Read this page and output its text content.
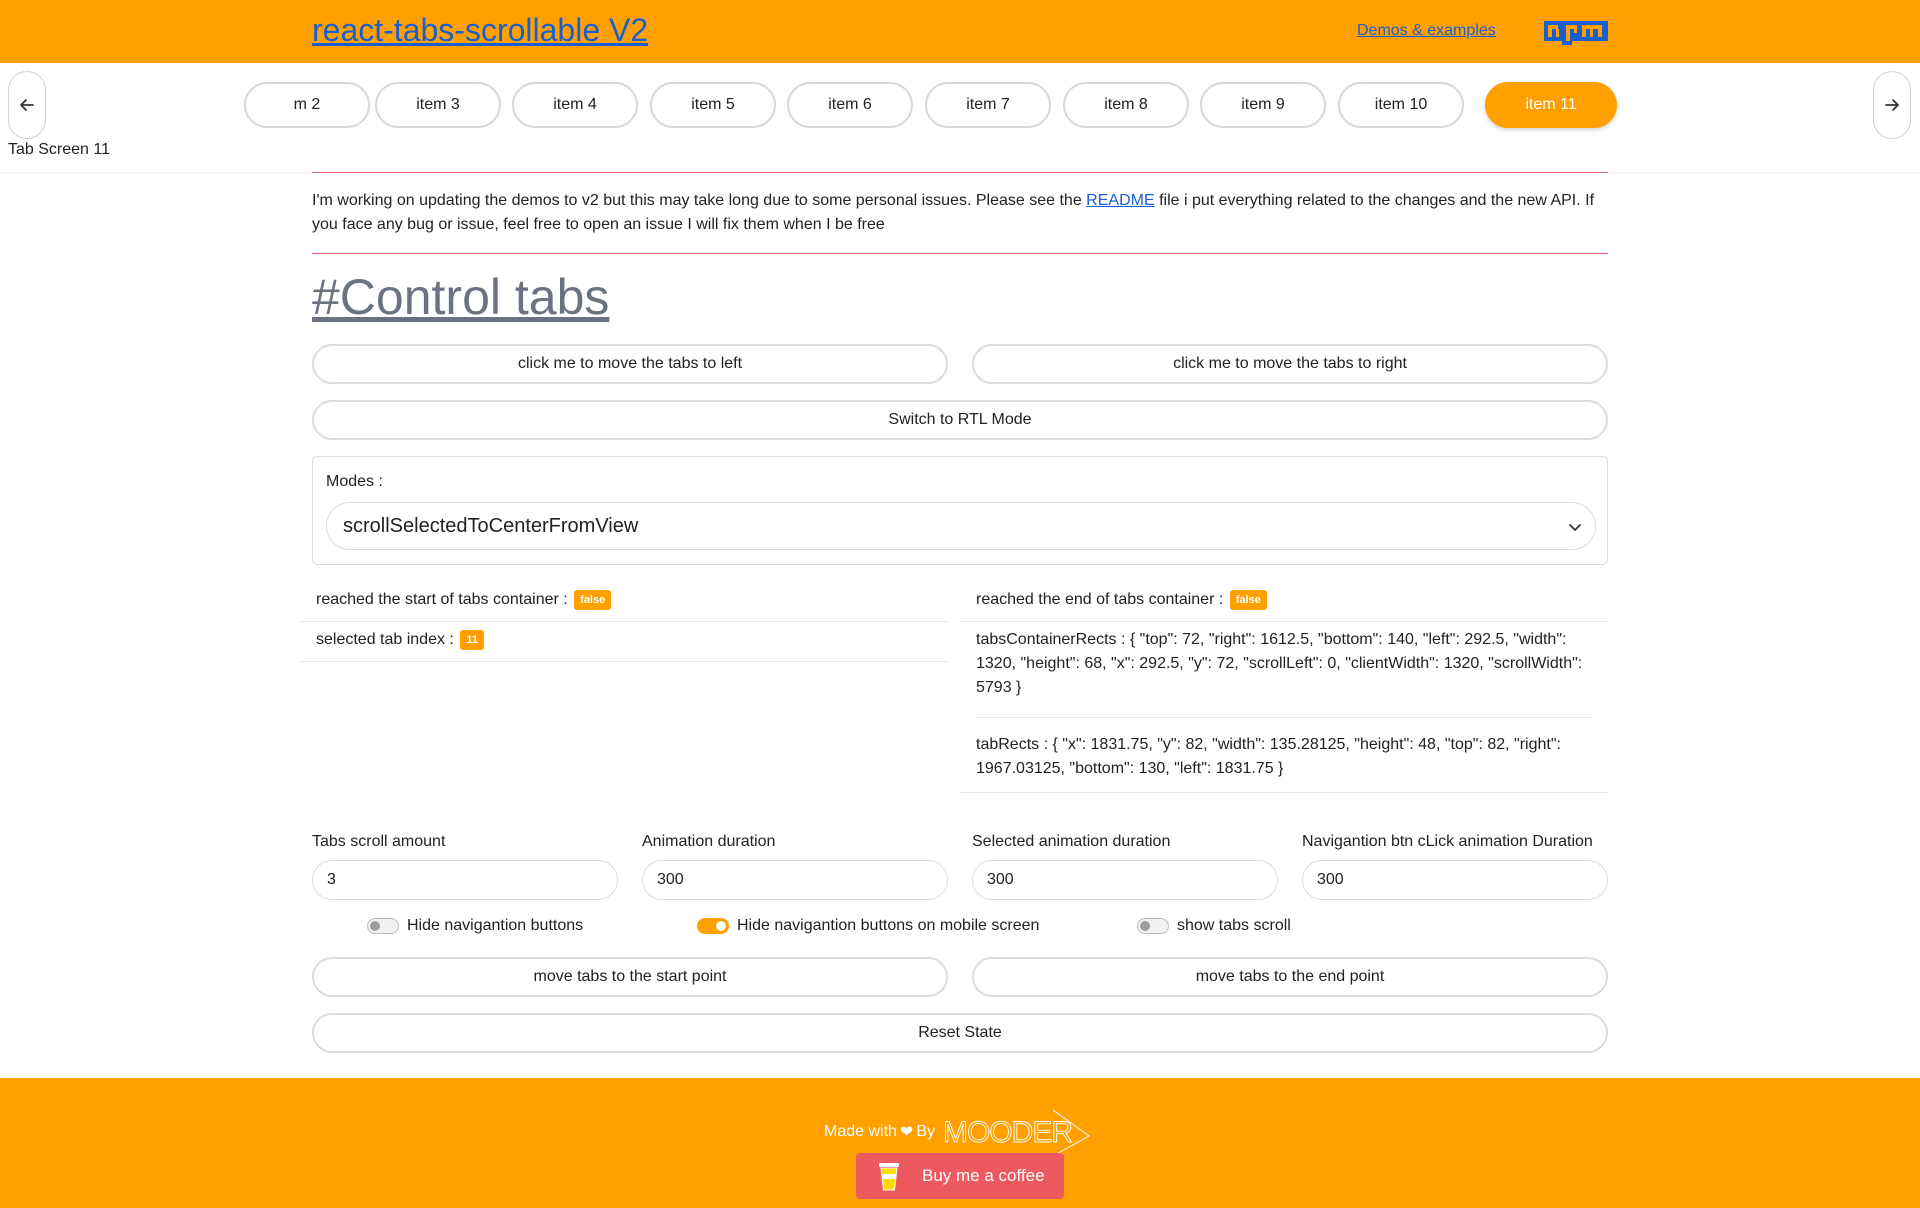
react-tabs-scrollable V2	Demos & examples
m 2	item 3	item 4	item 5	item 6	item 7	item 8	item 9	item 10	item 11
Tab Screen 11
I'm working on updating the demos to v2 but this may take long due to some personal issues. Please see the README file i put everything related to the changes and the new API. If you face any bug or issue, feel free to open an issue I will fix them when I be free
#Control tabs
click me to move the tabs to left	click me to move the tabs to right
Switch to RTL Mode
Modes :
scrollSelectedToCenterFromView
reached the start of tabs container : false
selected tab index : 11
reached the end of tabs container : false
tabsContainerRects : { "top": 72, "right": 1612.5, "bottom": 140, "left": 292.5, "width": 1320, "height": 68, "x": 292.5, "y": 72, "scrollLeft": 0, "clientWidth": 1320, "scrollWidth": 5793 }
tabRects : { "x": 1831.75, "y": 82, "width": 135.28125, "height": 48, "top": 82, "right": 1967.03125, "bottom": 130, "left": 1831.75 }
Tabs scroll amount
3
Animation duration
300
Selected animation duration
300
Navigantion btn cLick animation Duration
300
Hide navigantion buttons	Hide navigantion buttons on mobile screen	show tabs scroll
move tabs to the start point	move tabs to the end point
Reset State
Made with ❤ By MOODER
Buy me a coffee
